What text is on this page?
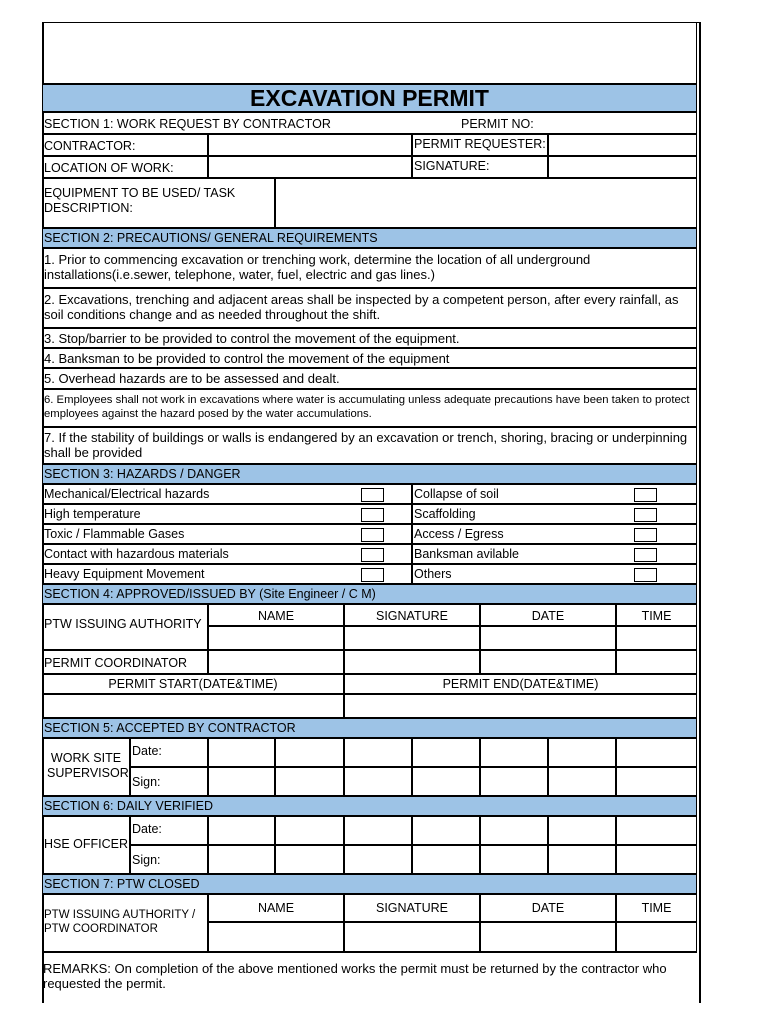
EXCAVATION PERMIT
SECTION 1: WORK REQUEST BY CONTRACTOR	PERMIT NO:
CONTRACTOR:	PERMIT REQUESTER:
LOCATION OF WORK:	SIGNATURE:
EQUIPMENT TO BE USED/ TASK DESCRIPTION:
SECTION 2: PRECAUTIONS/ GENERAL REQUIREMENTS
1. Prior to commencing excavation or trenching work, determine the location of all underground installations(i.e.sewer, telephone, water, fuel, electric and gas lines.)
2. Excavations, trenching and adjacent areas shall be inspected by a competent person, after every rainfall, as soil conditions change and as needed throughout the shift.
3. Stop/barrier to be provided to control the movement of the equipment.
4. Banksman to be provided to control the movement of the equipment
5. Overhead hazards are to be assessed and dealt.
6. Employees shall not work in excavations where water is accumulating unless adequate precautions have been taken to protect employees against the hazard posed by the water accumulations.
7. If the stability of buildings or walls is endangered by an excavation or trench, shoring, bracing or underpinning shall be provided
SECTION 3: HAZARDS / DANGER
Mechanical/Electrical hazards	Collapse of soil
High temperature	Scaffolding
Toxic / Flammable Gases	Access / Egress
Contact with hazardous materials	Banksman avilable
Heavy Equipment Movement	Others
SECTION 4: APPROVED/ISSUED BY (Site Engineer / C M)
PTW ISSUING AUTHORITY
NAME	SIGNATURE	DATE	TIME
PERMIT COORDINATOR
PERMIT START(DATE&TIME)	PERMIT END(DATE&TIME)
SECTION 5: ACCEPTED BY CONTRACTOR
WORK SITE SUPERVISOR
Date:
Sign:
SECTION 6: DAILY VERIFIED
HSE OFFICER
Date:
Sign:
SECTION 7: PTW CLOSED
PTW ISSUING AUTHORITY / PTW COORDINATOR
NAME	SIGNATURE	DATE	TIME
REMARKS: On completion of the above mentioned works the permit must be returned by the contractor who requested the permit.
